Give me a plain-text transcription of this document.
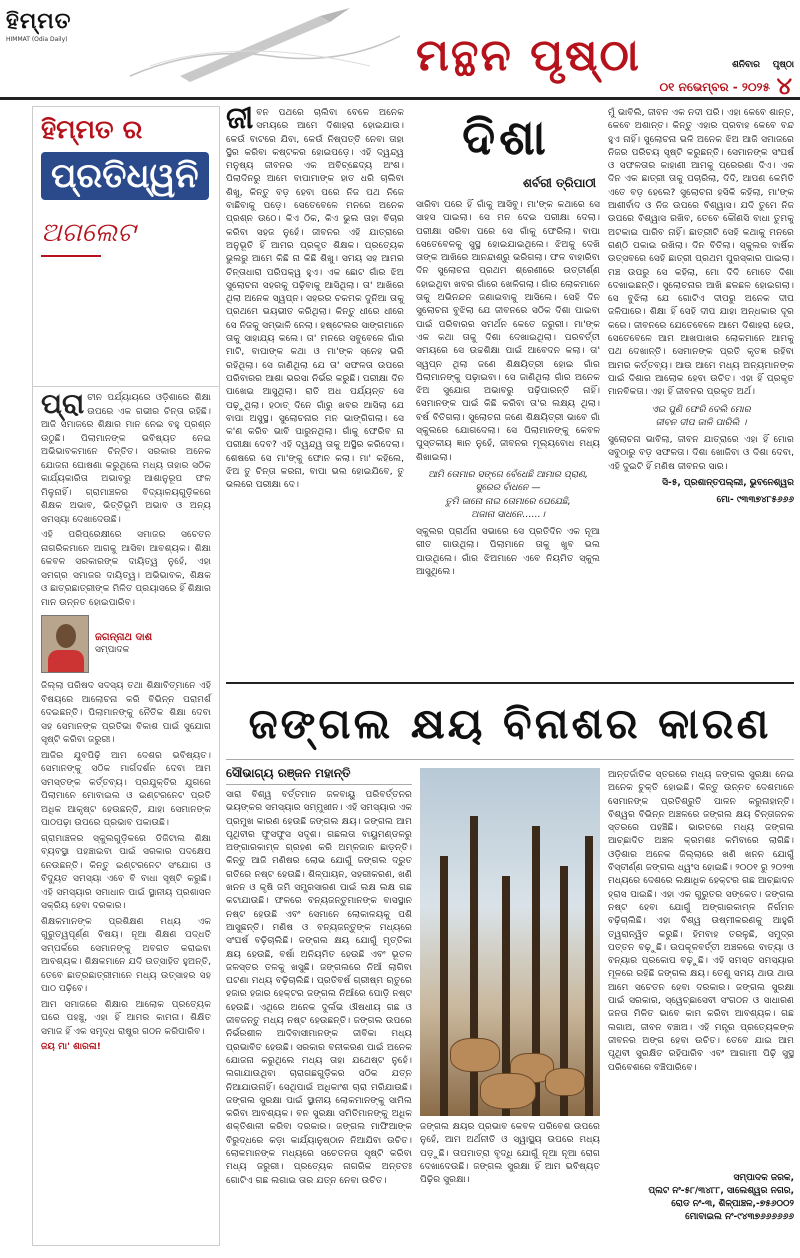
ହିମ୍ମତ
HIMMAT (Odia Daily)	ମନ୍ଥନ ପୃଷ୍ଠା	ଶନିବାର ପୃଷ୍ଠା
୪
୦୧ ନଭେମ୍ବର - ୨୦୨୫
ହିମ୍ମତ ର
ପ୍ରତିଧ୍ୱନି
ଅଗଲେଟ

ପ୍ରା ଚୀନ ପର୍ଯ୍ୟାୟରେ ଓଡ଼ିଶାରେ ଶିକ୍ଷା ଉପରେ ଏକ ଗଭୀର ଚିନ୍ତା ରହିଛି। ଆଜି ସମାଜରେ ଶିକ୍ଷାର ମାନ ନେଇ ବହୁ ପ୍ରଶ୍ନ ଉଠୁଛି। ପିଲାମାନଙ୍କ ଭବିଷ୍ୟତ ନେଇ ଅଭିଭାବକମାନେ ଚିନ୍ତିତ। ସରକାର ଅନେକ ଯୋଜନା ଘୋଷଣା କରୁଥିଲେ ମଧ୍ୟ ତାହାର ସଠିକ କାର୍ଯ୍ୟକାରିତା ଅଭାବରୁ ଆଶାନୁରୂପ ଫଳ ମିଳୁନାହିଁ। ଗ୍ରାମାଞ୍ଚଳର ବିଦ୍ୟାଳୟଗୁଡ଼ିକରେ ଶିକ୍ଷକ ଅଭାବ, ଭିତ୍ତିଭୂମି ଅଭାବ ଓ ଅନ୍ୟ ସମସ୍ୟା ଦେଖାଦେଉଛି।

ଏହି ପରିପ୍ରେକ୍ଷୀରେ ସମାଜର ସଚେତନ ନାଗରିକମାନେ ଆଗକୁ ଆସିବା ଆବଶ୍ୟକ। ଶିକ୍ଷା କେବଳ ସରକାରଙ୍କ ଦାୟିତ୍ୱ ନୁହେଁ, ଏହା ସମଗ୍ର ସମାଜର ଦାୟିତ୍ୱ। ଅଭିଭାବକ, ଶିକ୍ଷକ ଓ ଛାତ୍ରଛାତ୍ରୀଙ୍କ ମିଳିତ ପ୍ରୟାସରେ ହିଁ ଶିକ୍ଷାର ମାନ ଉନ୍ନତ ହୋଇପାରିବ।

ଜଗନ୍ନାଥ ଦାଶ
ସମ୍ପାଦକ

ଜିଲ୍ଲା ପରିଷଦ ସଦସ୍ୟ ତଥା ଶିକ୍ଷାବିତ୍ମାନେ ଏହି ବିଷୟରେ ଆଲୋଚନା କରି ବିଭିନ୍ନ ପରାମର୍ଶ ଦେଇଛନ୍ତି। ପିଲାମାନଙ୍କୁ ନୈତିକ ଶିକ୍ଷା ଦେବା ସହ ସେମାନଙ୍କ ପ୍ରତିଭା ବିକାଶ ପାଇଁ ସୁଯୋଗ ସୃଷ୍ଟି କରିବା ଜରୁରୀ।

ଆଜିର ଯୁବପିଢ଼ି ଆମ ଦେଶର ଭବିଷ୍ୟତ। ସେମାନଙ୍କୁ ସଠିକ ମାର୍ଗଦର୍ଶନ ଦେବା ଆମ ସମସ୍ତଙ୍କ କର୍ତ୍ତବ୍ୟ। ପ୍ରଯୁକ୍ତିର ଯୁଗରେ ପିଲାମାନେ ମୋବାଇଲ ଓ ଇଣ୍ଟରନେଟ ପ୍ରତି ଅଧିକ ଆକୃଷ୍ଟ ହେଉଛନ୍ତି, ଯାହା ସେମାନଙ୍କ ପାଠପଢ଼ା ଉପରେ ପ୍ରଭାବ ପକାଉଛି।

ଗ୍ରାମାଞ୍ଚଳର ସ୍କୁଲଗୁଡ଼ିକରେ ଡିଜିଟାଲ ଶିକ୍ଷା ବ୍ୟବସ୍ଥା ପହଞ୍ଚାଇବା ପାଇଁ ସରକାର ପଦକ୍ଷେପ ନେଉଛନ୍ତି। କିନ୍ତୁ ଇଣ୍ଟରନେଟ ସଂଯୋଗ ଓ ବିଦ୍ୟୁତ ସମସ୍ୟା ଏବେ ବି ବାଧା ସୃଷ୍ଟି କରୁଛି। ଏହି ସମସ୍ୟାର ସମାଧାନ ପାଇଁ ସ୍ଥାନୀୟ ପ୍ରଶାସନ ସକ୍ରିୟ ହେବା ଦରକାର।

ଶିକ୍ଷକମାନଙ୍କ ପ୍ରଶିକ୍ଷଣ ମଧ୍ୟ ଏକ ଗୁରୁତ୍ୱପୂର୍ଣ୍ଣ ବିଷୟ। ନୂଆ ଶିକ୍ଷଣ ପଦ୍ଧତି ସମ୍ପର୍କରେ ସେମାନଙ୍କୁ ଅବଗତ କରାଇବା ଆବଶ୍ୟକ। ଶିକ୍ଷକମାନେ ଯଦି ଉତ୍ସାହିତ ହୁଅନ୍ତି, ତେବେ ଛାତ୍ରଛାତ୍ରୀମାନେ ମଧ୍ୟ ଉତ୍ସାହର ସହ ପାଠ ପଢ଼ିବେ।

ଆମ ସମାଜରେ ଶିକ୍ଷାର ଆଲୋକ ପ୍ରତ୍ୟେକ ଘରେ ପହଞ୍ଚୁ, ଏହା ହିଁ ଆମର କାମନା। ଶିକ୍ଷିତ ସମାଜ ହିଁ ଏକ ସମୃଦ୍ଧ ରାଷ୍ଟ୍ର ଗଠନ କରିପାରିବ।

ଜୟ ମା' ଶାରଳା!

ଜୀ ବନ ପଥରେ ଚାଲିବା ବେଳେ ଅନେକ ସମୟରେ ଆମେ ଦିଶାହରା ହୋଇଯାଉ। କେଉଁ ବାଟରେ ଯିବା, କେଉଁ ନିଷ୍ପତ୍ତି ନେବା ତାହା ସ୍ଥିର କରିବା କଷ୍ଟକର ହୋଇପଡ଼େ। ଏହି ଦ୍ୱନ୍ଦ୍ୱ ମନୁଷ୍ୟ ଜୀବନର ଏକ ଅବିଚ୍ଛେଦ୍ୟ ଅଂଶ। ପିଲାଦିନରୁ ଆମେ ବାପାମାଙ୍କ ହାତ ଧରି ଚାଲିବା ଶିଖୁ, କିନ୍ତୁ ବଡ଼ ହେବା ପରେ ନିଜ ପଥ ନିଜେ ବାଛିବାକୁ ପଡ଼େ। ସେତେବେଳେ ମନରେ ଅନେକ ପ୍ରଶ୍ନ ଉଠେ। କିଏ ଠିକ, କିଏ ଭୁଲ ତାହା ବିଚାର କରିବା ସହଜ ନୁହେଁ। ଜୀବନର ଏହି ଯାତ୍ରାରେ ଅନୁଭୂତି ହିଁ ଆମର ପ୍ରକୃତ ଶିକ୍ଷକ। ପ୍ରତ୍ୟେକ ଭୁଲରୁ ଆମେ କିଛି ନା କିଛି ଶିଖୁ। ସମୟ ସହ ଆମର ଚିନ୍ତାଧାରା ପରିପକ୍ୱ ହୁଏ। ଏକ ଛୋଟ ଗାଁର ଝିଅ ସୁଲୋଚନା ସହରକୁ ପଢ଼ିବାକୁ ଆସିଥିଲା। ତା' ଆଖିରେ ଥିଲା ଅନେକ ସ୍ୱପ୍ନ। ସହରର ଚକମକ ଦୁନିଆ ତାକୁ ପ୍ରଥମେ ଭୟଭୀତ କରିଥିଲା। କିନ୍ତୁ ଧୀରେ ଧୀରେ ସେ ନିଜକୁ ସମ୍ଭାଳି ନେଲା। ହଷ୍ଟେଲର ସାଙ୍ଗମାନେ ତାକୁ ସାହାଯ୍ୟ କଲେ। ତା' ମନରେ ସବୁବେଳେ ଗାଁର ମାଟି, ବାପାଙ୍କ କଥା ଓ ମା'ଙ୍କ ସ୍ନେହ ଭରି ରହିଥିଲା। ସେ ଜାଣିଥିଲା ଯେ ତା' ସଫଳତା ଉପରେ ପରିବାରର ଆଶା ଭରସା ନିର୍ଭର କରୁଛି। ପରୀକ୍ଷା ଦିନ ପାଖେଇ ଆସୁଥିଲା। ରାତି ଅଧ ପର୍ଯ୍ୟନ୍ତ ସେ ପଢ଼ୁଥିଲା। ହଠାତ୍ ଦିନେ ଗାଁରୁ ଖବର ଆସିଲା ଯେ ବାପା ଅସୁସ୍ଥ। ସୁଲୋଚନାର ମନ ଭାଙ୍ଗିଗଲା। ସେ କ'ଣ କରିବ ଭାବି ପାରୁନଥିଲା। ଗାଁକୁ ଫେରିବ ନା ପରୀକ୍ଷା ଦେବ? ଏହି ଦ୍ୱନ୍ଦ୍ୱ ତାକୁ ଅସ୍ଥିର କରିଦେଲା। ଶେଷରେ ସେ ମା'ଙ୍କୁ ଫୋନ କଲା। ମା' କହିଲେ, ଝିଅ ତୁ ଚିନ୍ତା କରନା, ବାପା ଭଲ ହୋଇଯିବେ, ତୁ ଭଲରେ ପରୀକ୍ଷା ଦେ।
ଦିଶା
ଶର୍ବରୀ ତ୍ରିପାଠୀ

ସାରିବା ପରେ ହିଁ ଗାଁକୁ ଆସିବୁ। ମା'ଙ୍କ କଥାରେ ସେ ସାହସ ପାଇଲା। ସେ ମନ ଦେଇ ପରୀକ୍ଷା ଦେଲା। ପରୀକ୍ଷା ସରିବା ପରେ ସେ ଗାଁକୁ ଫେରିଲା। ବାପା ସେତେବେଳକୁ ସୁସ୍ଥ ହୋଇଯାଇଥିଲେ। ଝିଅକୁ ଦେଖି ତାଙ୍କ ଆଖିରେ ଆନନ୍ଦାଶ୍ରୁ ଭରିଗଲା। ଫଳ ବାହାରିବା ଦିନ ସୁଲୋଚନା ପ୍ରଥମ ଶ୍ରେଣୀରେ ଉତ୍ତୀର୍ଣ୍ଣ ହୋଇଥିବା ଖବର ଗାଁରେ ଖେଳିଗଲା। ଗାଁର ଲୋକମାନେ ତାକୁ ଅଭିନନ୍ଦନ ଜଣାଇବାକୁ ଆସିଲେ। ସେହି ଦିନ ସୁଲୋଚନା ବୁଝିଲା ଯେ ଜୀବନରେ ସଠିକ ଦିଶା ପାଇବା ପାଇଁ ପରିବାରର ସମର୍ଥନ କେତେ ଜରୁରୀ। ମା'ଙ୍କ ଏକ କଥା ତାକୁ ଦିଶା ଦେଖାଇଥିଲା। ପରବର୍ତ୍ତୀ ସମୟରେ ସେ ଉଚ୍ଚଶିକ୍ଷା ପାଇଁ ଆବେଦନ କଲା। ତା' ସ୍ୱପ୍ନ ଥିଲା ଜଣେ ଶିକ୍ଷୟିତ୍ରୀ ହୋଇ ଗାଁର ପିଲାମାନଙ୍କୁ ପଢ଼ାଇବା। ସେ ଜାଣିଥିଲା ଗାଁର ଅନେକ ଝିଅ ସୁଯୋଗ ଅଭାବରୁ ପଢ଼ିପାରନ୍ତି ନାହିଁ। ସେମାନଙ୍କ ପାଇଁ କିଛି କରିବା ତା'ର ଲକ୍ଷ୍ୟ ଥିଲା। ବର୍ଷ ବିତିଗଲା। ସୁଲୋଚନା ଜଣେ ଶିକ୍ଷୟିତ୍ରୀ ଭାବେ ଗାଁ ସ୍କୁଲରେ ଯୋଗଦେଲା। ସେ ପିଲାମାନଙ୍କୁ କେବଳ ପୁସ୍ତକୀୟ ଜ୍ଞାନ ନୁହେଁ, ଜୀବନର ମୂଲ୍ୟବୋଧ ମଧ୍ୟ ଶିଖାଇଲା।

ଆମି ତୋମାର ସଙ୍ଗେ ବେଁଧେଛି ଆମାର ପ୍ରାଣ,
ସୁରେର ବାଁଧନେ —
ତୁମି ଜାନୋ ନାଇ ତୋମାରେ ପେଯେଛି,
ଅଜାନା ସାଧନେ……।

ସ୍କୁଲର ପ୍ରାର୍ଥନା ସଭାରେ ସେ ପ୍ରତିଦିନ ଏକ ନୂଆ ଗୀତ ଗାଉଥିଲା। ପିଲାମାନେ ତାକୁ ଖୁବ ଭଲ ପାଉଥିଲେ। ଗାଁର ଝିଅମାନେ ଏବେ ନିୟମିତ ସ୍କୁଲ ଆସୁଥିଲେ।

ମୁଁ ଭାବିଲି, ଜୀବନ ଏକ ନଦୀ ପରି। ଏହା କେବେ ଶାନ୍ତ, କେବେ ଅଶାନ୍ତ। କିନ୍ତୁ ଏହାର ପ୍ରବାହ କେବେ ବନ୍ଦ ହୁଏ ନାହିଁ। ସୁଲୋଚନା ଭଳି ଅନେକ ଝିଅ ଆଜି ସମାଜରେ ନିଜର ପରିଚୟ ସୃଷ୍ଟି କରୁଛନ୍ତି। ସେମାନଙ୍କ ସଂଘର୍ଷ ଓ ସଫଳତାର କାହାଣୀ ଆମକୁ ପ୍ରେରଣା ଦିଏ। ଏକ ଦିନ ଏକ ଛାତ୍ରୀ ତାକୁ ପଚାରିଲା, ଦିଦି, ଆପଣ କେମିତି ଏତେ ବଡ଼ ହେଲେ? ସୁଲୋଚନା ହସିକି କହିଲା, ମା'ଙ୍କ ଆଶୀର୍ବାଦ ଓ ନିଜ ଉପରେ ବିଶ୍ୱାସ। ଯଦି ତୁମେ ନିଜ ଉପରେ ବିଶ୍ୱାସ ରଖିବ, ତେବେ କୌଣସି ବାଧା ତୁମକୁ ଅଟକାଇ ପାରିବ ନାହିଁ। ଛାତ୍ରୀଟି ସେହି କଥାକୁ ମନରେ ଗଣ୍ଠି ପକାଇ ରଖିଲା। ଦିନ ବିତିଲା। ସ୍କୁଲର ବାର୍ଷିକ ଉତ୍ସବରେ ସେହି ଛାତ୍ରୀ ପ୍ରଥମ ପୁରସ୍କାର ପାଇଲା। ମଞ୍ଚ ଉପରୁ ସେ କହିଲା, ମୋ ଦିଦି ମୋତେ ଦିଶା ଦେଖାଇଛନ୍ତି। ସୁଲୋଚନାର ଆଖି ଛଳଛଳ ହୋଇଗଲା। ସେ ବୁଝିଲା ଯେ ଗୋଟିଏ ଦୀପରୁ ଅନେକ ଦୀପ ଜଳିପାରେ। ଶିକ୍ଷା ହିଁ ସେହି ଦୀପ ଯାହା ଅନ୍ଧକାର ଦୂର କରେ। ଜୀବନରେ ଯେତେବେଳେ ଆମେ ଦିଶାହରା ହେଉ, ସେତେବେଳେ ଆମ ଆଖପାଖର ଲୋକମାନେ ଆମକୁ ପଥ ଦେଖାନ୍ତି। ସେମାନଙ୍କ ପ୍ରତି କୃତଜ୍ଞ ରହିବା ଆମର କର୍ତ୍ତବ୍ୟ। ଆଉ ଆମେ ମଧ୍ୟ ଅନ୍ୟମାନଙ୍କ ପାଇଁ ଦିଶାର ଆଲୋକ ହେବା ଉଚିତ। ଏହା ହିଁ ପ୍ରକୃତ ମାନବିକତା। ଏହା ହିଁ ଜୀବନର ପ୍ରକୃତ ଅର୍ଥ।

ଏଇ ପୁଣି ଫେରି ଦେଲି ମୋର
ଜୀବନ ଦୀପ ଜାଳି ପାରିଲି ।

ସୁଲୋଚନା ଭାବିଲା, ଜୀବନ ଯାତ୍ରାରେ ଏହା ହିଁ ମୋର ସବୁଠାରୁ ବଡ଼ ସଫଳତା। ଦିଶା ଖୋଜିବା ଓ ଦିଶା ଦେବା, ଏହି ଦୁଇଟି ହିଁ ମଣିଷ ଜୀବନର ସାର।

ସି-୫, ପ୍ରଶାନ୍ତପଲ୍ଲୀ, ଭୁବନେଶ୍ୱର
ମୋ- ୯୩୩୭୪୮୫୬୬୬
ଜଙ୍ଗଲ କ୍ଷୟ ବିନାଶର କାରଣ
ସୌଭାଗ୍ୟ ରଞ୍ଜନ ମହାନ୍ତି
ସାରା ବିଶ୍ୱ ବର୍ତ୍ତମାନ ଜଳବାୟୁ ପରିବର୍ତ୍ତନର ଭୟଙ୍କର ସମସ୍ୟାର ସମ୍ମୁଖୀନ। ଏହି ସମସ୍ୟାର ଏକ ପ୍ରମୁଖ କାରଣ ହେଉଛି ଜଙ୍ଗଲ କ୍ଷୟ। ଜଙ୍ଗଲ ଆମ ପୃଥିବୀର ଫୁସଫୁସ ସଦୃଶ। ଗଛଲତା ବାୟୁମଣ୍ଡଳରୁ ଅଙ୍ଗାରକାମ୍ଳ ଗ୍ରହଣ କରି ଅମ୍ଳଜାନ ଛାଡ଼ନ୍ତି। କିନ୍ତୁ ଆଜି ମଣିଷର ଲୋଭ ଯୋଗୁଁ ଜଙ୍ଗଲ ଦ୍ରୁତ ଗତିରେ ନଷ୍ଟ ହେଉଛି। ଶିଳ୍ପାୟନ, ସହରୀକରଣ, ଖଣି ଖନନ ଓ କୃଷି ଜମି ସମ୍ପ୍ରସାରଣ ପାଇଁ ଲକ୍ଷ ଲକ୍ଷ ଗଛ କଟାଯାଉଛି। ଫଳରେ ବନ୍ୟଜନ୍ତୁମାନଙ୍କ ବାସସ୍ଥାନ ନଷ୍ଟ ହେଉଛି ଏବଂ ସେମାନେ ଲୋକାଳୟକୁ ପଶି ଆସୁଛନ୍ତି। ମଣିଷ ଓ ବନ୍ୟଜନ୍ତୁଙ୍କ ମଧ୍ୟରେ ସଂଘର୍ଷ ବଢ଼ିଚାଲିଛି। ଜଙ୍ଗଲ କ୍ଷୟ ଯୋଗୁଁ ମୃତ୍ତିକା କ୍ଷୟ ହେଉଛି, ବର୍ଷା ଅନିୟମିତ ହେଉଛି ଏବଂ ଭୂତଳ ଜଳସ୍ତର ତଳକୁ ଖସୁଛି। ଜଙ୍ଗଲରେ ନିଆଁ ଲାଗିବା ଘଟଣା ମଧ୍ୟ ବଢ଼ିଚାଲିଛି। ପ୍ରତିବର୍ଷ ଗ୍ରୀଷ୍ମ ଋତୁରେ ହଜାର ହଜାର ହେକ୍ଟର ଜଙ୍ଗଲ ନିଆଁରେ ପୋଡ଼ି ନଷ୍ଟ ହେଉଛି। ଏଥିରେ ଅନେକ ଦୁର୍ଲଭ ଔଷଧୀୟ ଗଛ ଓ ଜୀବଜନ୍ତୁ ମଧ୍ୟ ନଷ୍ଟ ହେଉଛନ୍ତି। ଜଙ୍ଗଲ ଉପରେ ନିର୍ଭରଶୀଳ ଆଦିବାସୀମାନଙ୍କ ଜୀବିକା ମଧ୍ୟ ପ୍ରଭାବିତ ହେଉଛି। ସରକାର ବନୀକରଣ ପାଇଁ ଅନେକ ଯୋଜନା କରୁଥିଲେ ମଧ୍ୟ ତାହା ଯଥେଷ୍ଟ ନୁହେଁ। ଲଗାଯାଉଥିବା ଚାରାଗଛଗୁଡ଼ିକର ସଠିକ ଯତ୍ନ ନିଆଯାଉନାହିଁ। ସେଥିପାଇଁ ଅଧିକାଂଶ ଚାରା ମରିଯାଉଛି। ଜଙ୍ଗଲ ସୁରକ୍ଷା ପାଇଁ ସ୍ଥାନୀୟ ଲୋକମାନଙ୍କୁ ସାମିଲ କରିବା ଆବଶ୍ୟକ। ବନ ସୁରକ୍ଷା ସମିତିମାନଙ୍କୁ ଅଧିକ ଶକ୍ତିଶାଳୀ କରିବା ଦରକାର। ଜଙ୍ଗଲ ମାଫିଆଙ୍କ ବିରୁଦ୍ଧରେ କଡ଼ା କାର୍ଯ୍ୟାନୁଷ୍ଠାନ ନିଆଯିବା ଉଚିତ। ଲୋକମାନଙ୍କ ମଧ୍ୟରେ ସଚେତନତା ସୃଷ୍ଟି କରିବା ମଧ୍ୟ ଜରୁରୀ। ପ୍ରତ୍ୟେକ ନାଗରିକ ଅନ୍ତତଃ ଗୋଟିଏ ଗଛ ଲଗାଇ ତାର ଯତ୍ନ ନେବା ଉଚିତ।
ଜଙ୍ଗଲ କ୍ଷୟର ପ୍ରଭାବ କେବଳ ପରିବେଶ ଉପରେ ନୁହେଁ, ଆମ ଅର୍ଥନୀତି ଓ ସ୍ୱାସ୍ଥ୍ୟ ଉପରେ ମଧ୍ୟ ପଡ଼ୁଛି। ତାପମାତ୍ରା ବୃଦ୍ଧି ଯୋଗୁଁ ନୂଆ ନୂଆ ରୋଗ ଦେଖାଦେଉଛି। ଜଙ୍ଗଲ ସୁରକ୍ଷା ହିଁ ଆମ ଭବିଷ୍ୟତ ପିଢ଼ିର ସୁରକ୍ଷା।
ଆନ୍ତର୍ଜାତିକ ସ୍ତରରେ ମଧ୍ୟ ଜଙ୍ଗଲ ସୁରକ୍ଷା ନେଇ ଅନେକ ଚୁକ୍ତି ହୋଇଛି। କିନ୍ତୁ ଉନ୍ନତ ଦେଶମାନେ ସେମାନଙ୍କ ପ୍ରତିଶ୍ରୁତି ପାଳନ କରୁନାହାନ୍ତି। ବିଶ୍ୱର ବିଭିନ୍ନ ଅଞ୍ଚଳରେ ଜଙ୍ଗଲ କ୍ଷୟ ଚିନ୍ତାଜନକ ସ୍ତରରେ ପହଞ୍ଚିଛି। ଭାରତରେ ମଧ୍ୟ ଜଙ୍ଗଲ ଆଚ୍ଛାଦିତ ଅଞ୍ଚଳ କ୍ରମଶଃ କମିବାରେ ଲାଗିଛି। ଓଡ଼ିଶାର ଅନେକ ଜିଲ୍ଲାରେ ଖଣି ଖନନ ଯୋଗୁଁ ବିସ୍ତୀର୍ଣ୍ଣ ଜଙ୍ଗଲ ଧ୍ୱଂସ ହୋଇଛି। ୨୦୦୧ ରୁ ୨୦୨୩ ମଧ୍ୟରେ ଦେଶରେ ଲକ୍ଷାଧିକ ହେକ୍ଟର ଗଛ ଆଚ୍ଛାଦନ ହ୍ରାସ ପାଇଛି। ଏହା ଏକ ଗୁରୁତର ସଙ୍କେତ। ଜଙ୍ଗଲ ନଷ୍ଟ ହେବା ଯୋଗୁଁ ଅଙ୍ଗାରକାମ୍ଳ ନିର୍ଗମନ ବଢ଼ିଚାଲିଛି। ଏହା ବିଶ୍ୱ ଉଷ୍ମୀକରଣକୁ ଆହୁରି ତ୍ୱରାନ୍ୱିତ କରୁଛି। ହିମବାହ ତରଳୁଛି, ସମୁଦ୍ର ପତ୍ତନ ବଢ଼ୁଛି। ଉପକୂଳବର୍ତ୍ତୀ ଅଞ୍ଚଳରେ ବାତ୍ୟା ଓ ବନ୍ୟାର ପ୍ରକୋପ ବଢ଼ୁଛି। ଏହି ସମସ୍ତ ସମସ୍ୟାର ମୂଳରେ ରହିଛି ଜଙ୍ଗଲ କ୍ଷୟ। ତେଣୁ ସମୟ ଥାଉ ଥାଉ ଆମେ ସଚେତନ ହେବା ଦରକାର। ଜଙ୍ଗଲ ସୁରକ୍ଷା ପାଇଁ ସରକାର, ସ୍ୱେଚ୍ଛାସେବୀ ସଂଗଠନ ଓ ସାଧାରଣ ଜନତା ମିଳିତ ଭାବେ କାମ କରିବା ଆବଶ୍ୟକ। ଗଛ ଲଗାଅ, ଜୀବନ ବଞ୍ଚାଅ। ଏହି ମନ୍ତ୍ର ପ୍ରତ୍ୟେକଙ୍କ ଜୀବନର ଅଙ୍ଗ ହେବା ଉଚିତ। ତେବେ ଯାଇ ଆମ ପୃଥିବୀ ସୁରକ୍ଷିତ ରହିପାରିବ ଏବଂ ଆଗାମୀ ପିଢ଼ି ସୁସ୍ଥ ପରିବେଶରେ ବଞ୍ଚିପାରିବେ।
ସମ୍ପାଦକ ଜରକ,
ପ୍ଲଟ ନଂ-୫୮/୩୪୮୮, ସାଲେଶ୍ୱର ନଗର,
ରୋଡ ନଂ-୩, ଶିଳ୍ପାଞ୍ଚଳ,-୭୫୬୦୦୨
ମୋବାଇଲ ନଂ-୯୪୩୭୬୬୬୬୬୬
